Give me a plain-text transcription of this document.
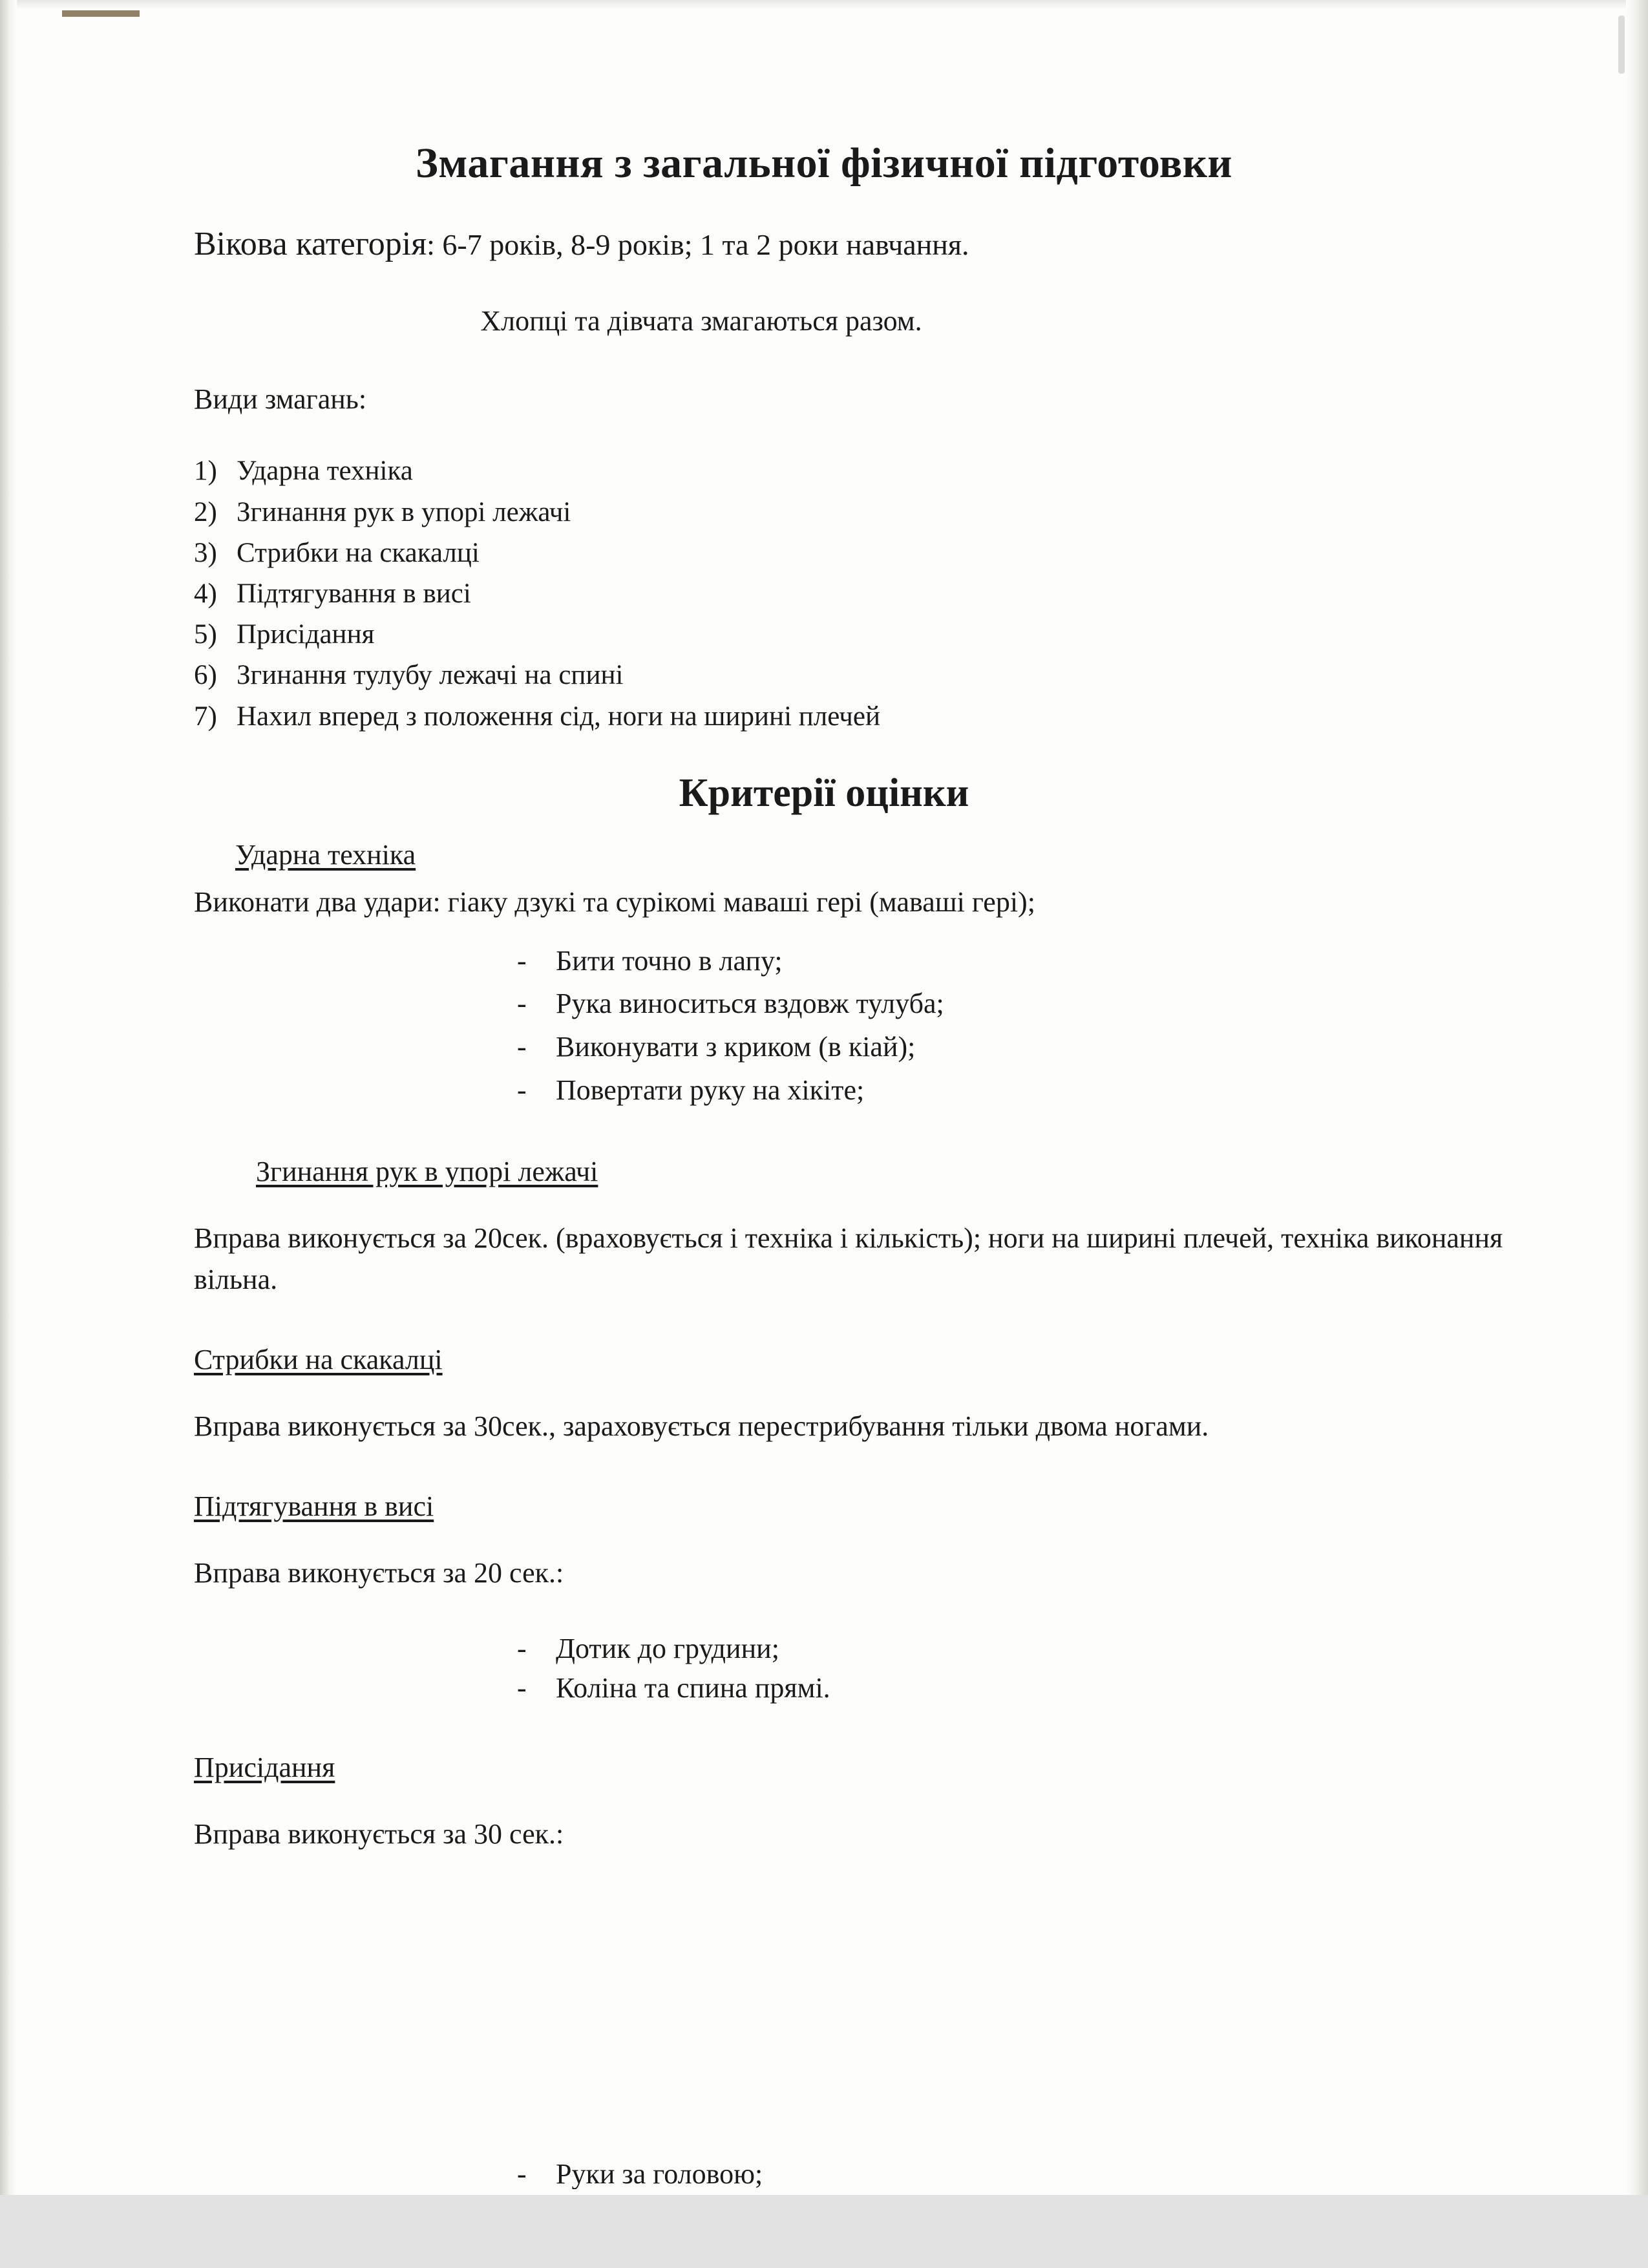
Змагання з загальної фізичної підготовки

Вікова категорія: 6-7 років, 8-9 років; 1 та 2 роки навчання.

Хлопці та дівчата змагаються разом.

Види змагань:

1) Ударна техніка
2) Згинання рук в упорі лежачі
3) Стрибки на скакалці
4) Підтягування в висі
5) Присідання
6) Згинання тулубу лежачі на спині
7) Нахил вперед з положення сід, ноги на ширині плечей
Критерії оцінки
Ударна техніка

Виконати два удари: гіаку дзукі та сурікомі маваші гері (маваші гері);

- Бити точно в лапу;
- Рука виноситься вздовж тулуба;
- Виконувати з криком (в кіай);
- Повертати руку на хікіте;
Згинання рук в упорі лежачі

Вправа виконується за 20сек. (враховується і техніка і кількість); ноги на ширині плечей, техніка виконання вільна.

Стрибки на скакалці

Вправа виконується за 30сек., зараховується перестрибування тільки двома ногами.

Підтягування в висі

Вправа виконується за 20 сек.:

- Дотик до грудини;
- Коліна та спина прямі.
Присідання

Вправа виконується за 30 сек.:

- Руки за головою;
